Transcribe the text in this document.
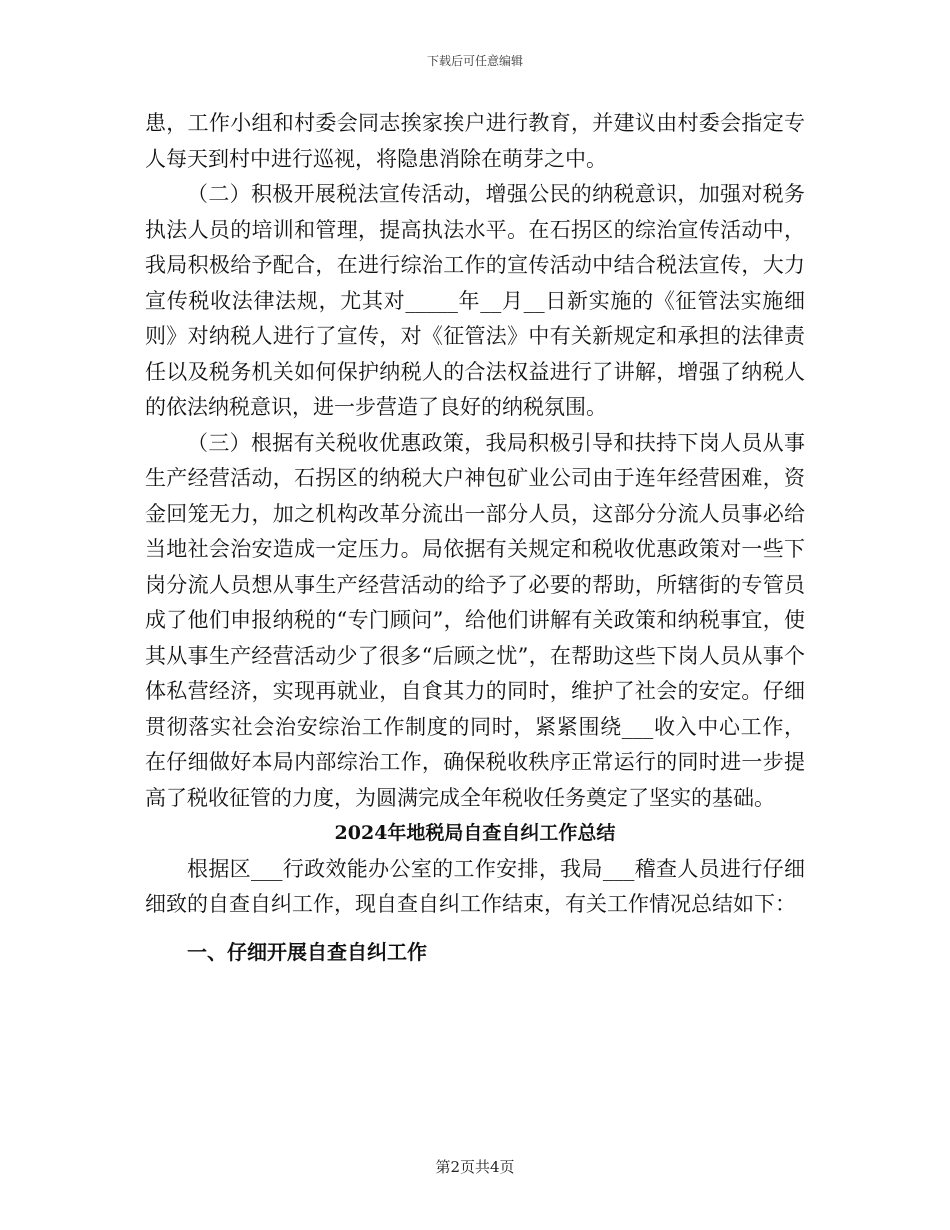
下载后可任意编辑

患，工作小组和村委会同志挨家挨户进行教育，并建议由村委会指定专人每天到村中进行巡视，将隐患消除在萌芽之中。

（二）积极开展税法宣传活动，增强公民的纳税意识，加强对税务执法人员的培训和管理，提高执法水平。在石拐区的综治宣传活动中，我局积极给予配合，在进行综治工作的宣传活动中结合税法宣传，大力宣传税收法律法规，尤其对_____年__月__日新实施的《征管法实施细则》对纳税人进行了宣传，对《征管法》中有关新规定和承担的法律责任以及税务机关如何保护纳税人的合法权益进行了讲解，增强了纳税人的依法纳税意识，进一步营造了良好的纳税氛围。

（三）根据有关税收优惠政策，我局积极引导和扶持下岗人员从事生产经营活动，石拐区的纳税大户神包矿业公司由于连年经营困难，资金回笼无力，加之机构改革分流出一部分人员，这部分分流人员事必给当地社会治安造成一定压力。局依据有关规定和税收优惠政策对一些下岗分流人员想从事生产经营活动的给予了必要的帮助，所辖街的专管员成了他们申报纳税的“专门顾问”，给他们讲解有关政策和纳税事宜，使其从事生产经营活动少了很多“后顾之忧”，在帮助这些下岗人员从事个体私营经济，实现再就业，自食其力的同时，维护了社会的安定。仔细贯彻落实社会治安综治工作制度的同时，紧紧围绕___收入中心工作，在仔细做好本局内部综治工作，确保税收秩序正常运行的同时进一步提高了税收征管的力度，为圆满完成全年税收任务奠定了坚实的基础。

2024年地税局自查自纠工作总结

根据区___行政效能办公室的工作安排，我局___稽查人员进行仔细细致的自查自纠工作，现自查自纠工作结束，有关工作情况总结如下：

一、仔细开展自查自纠工作

第2页共4页
